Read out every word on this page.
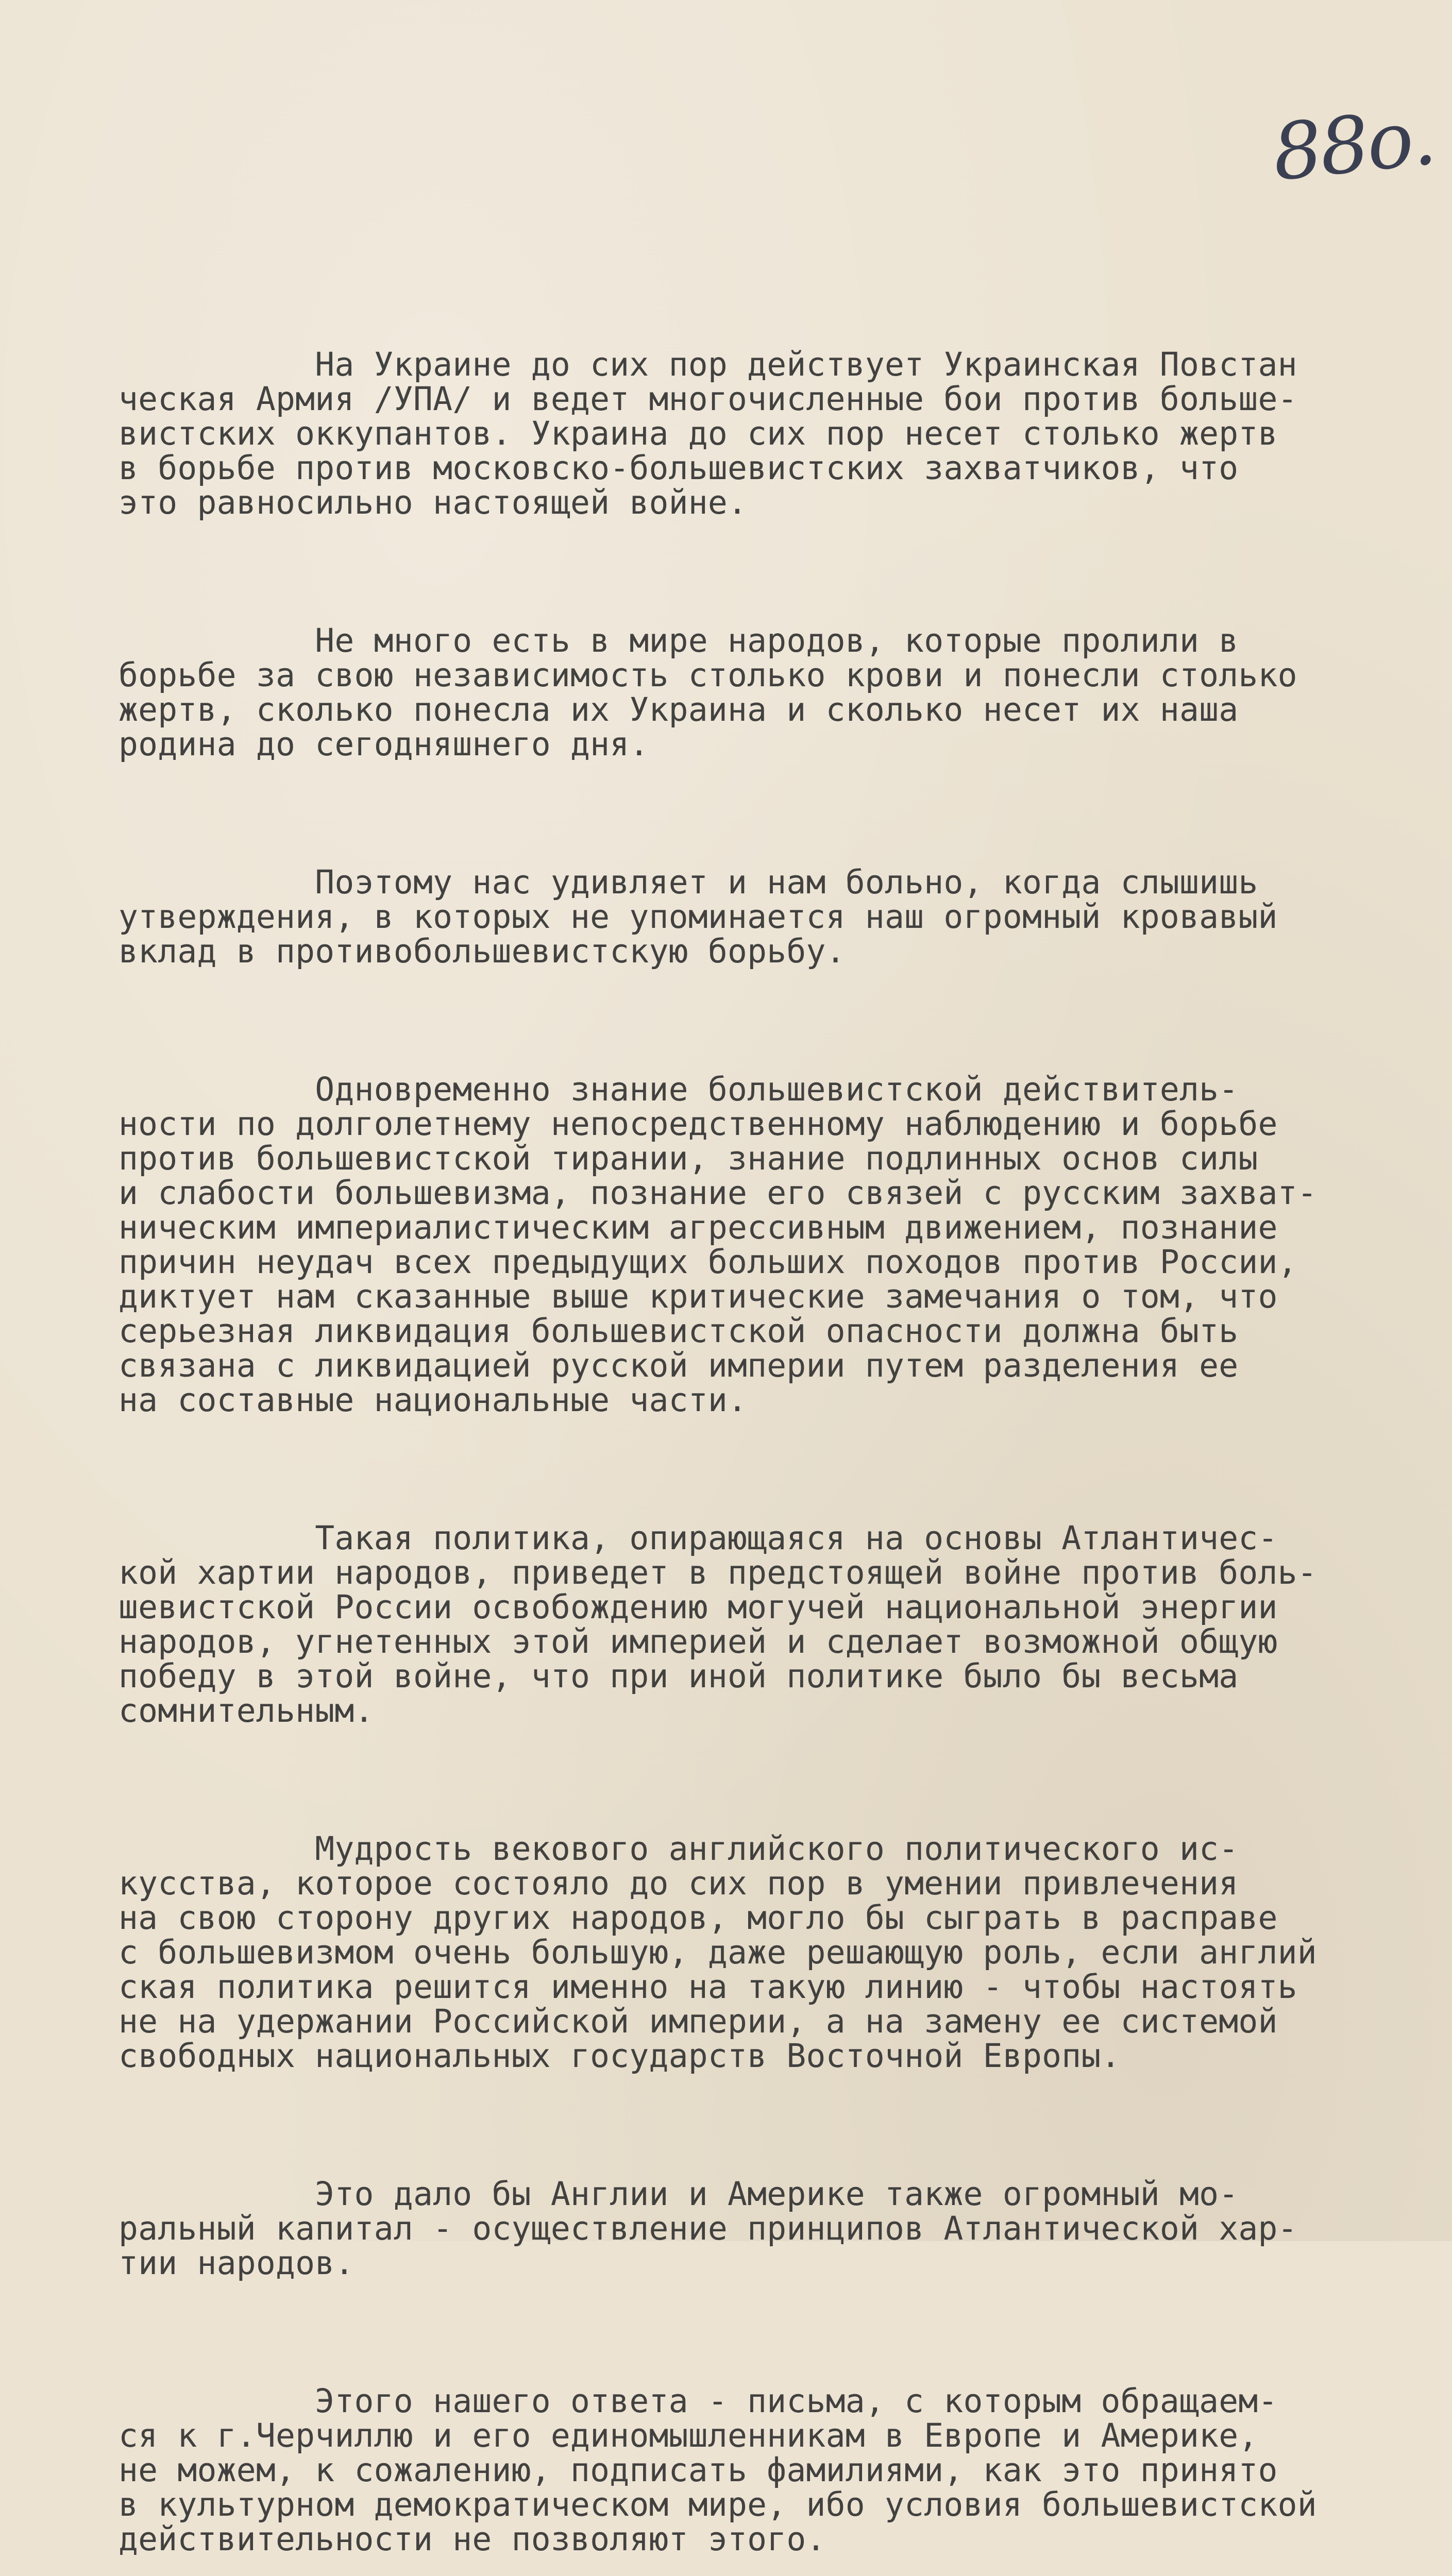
88о.

На Украине до сих пор действует Украинская Повстан
ческая Армия /УПА/ и ведет многочисленные бои против больше-
вистских оккупантов. Украина до сих пор несет столько жертв
в борьбе против московско-большевистских захватчиков, что
это равносильно настоящей войне.

Не много есть в мире народов, которые пролили в
борьбе за свою независимость столько крови и понесли столько
жертв, сколько понесла их Украина и сколько несет их наша
родина до сегодняшнего дня.

Поэтому нас удивляет и нам больно, когда слышишь
утверждения, в которых не упоминается наш огромный кровавый
вклад в противобольшевистскую борьбу.

Одновременно знание большевистской действитель-
ности по долголетнему непосредственному наблюдению и борьбе
против большевистской тирании, знание подлинных основ силы
и слабости большевизма, познание его связей с русским захват-
ническим империалистическим агрессивным движением, познание
причин неудач всех предыдущих больших походов против России,
диктует нам сказанные выше критические замечания о том, что
серьезная ликвидация большевистской опасности должна быть
связана с ликвидацией русской империи путем разделения ее
на составные национальные части.

Такая политика, опирающаяся на основы Атлантичес-
кой хартии народов, приведет в предстоящей войне против боль-
шевистской России освобождению могучей национальной энергии
народов, угнетенных этой империей и сделает возможной общую
победу в этой войне, что при иной политике было бы весьма
сомнительным.

Мудрость векового английского политического ис-
кусства, которое состояло до сих пор в умении привлечения
на свою сторону других народов, могло бы сыграть в расправе
с большевизмом очень большую, даже решающую роль, если англий
ская политика решится именно на такую линию - чтобы настоять
не на удержании Российской империи, а на замену ее системой
свободных национальных государств Восточной Европы.

Это дало бы Англии и Америке также огромный мо-
ральный капитал - осуществление принципов Атлантической хар-
тии народов.

Этого нашего ответа - письма, с которым обращаем-
ся к г.Черчиллю и его единомышленникам в Европе и Америке,
не можем, к сожалению, подписать фамилиями, как это принято
в культурном демократическом мире, ибо условия большевистской
действительности не позволяют этого.
